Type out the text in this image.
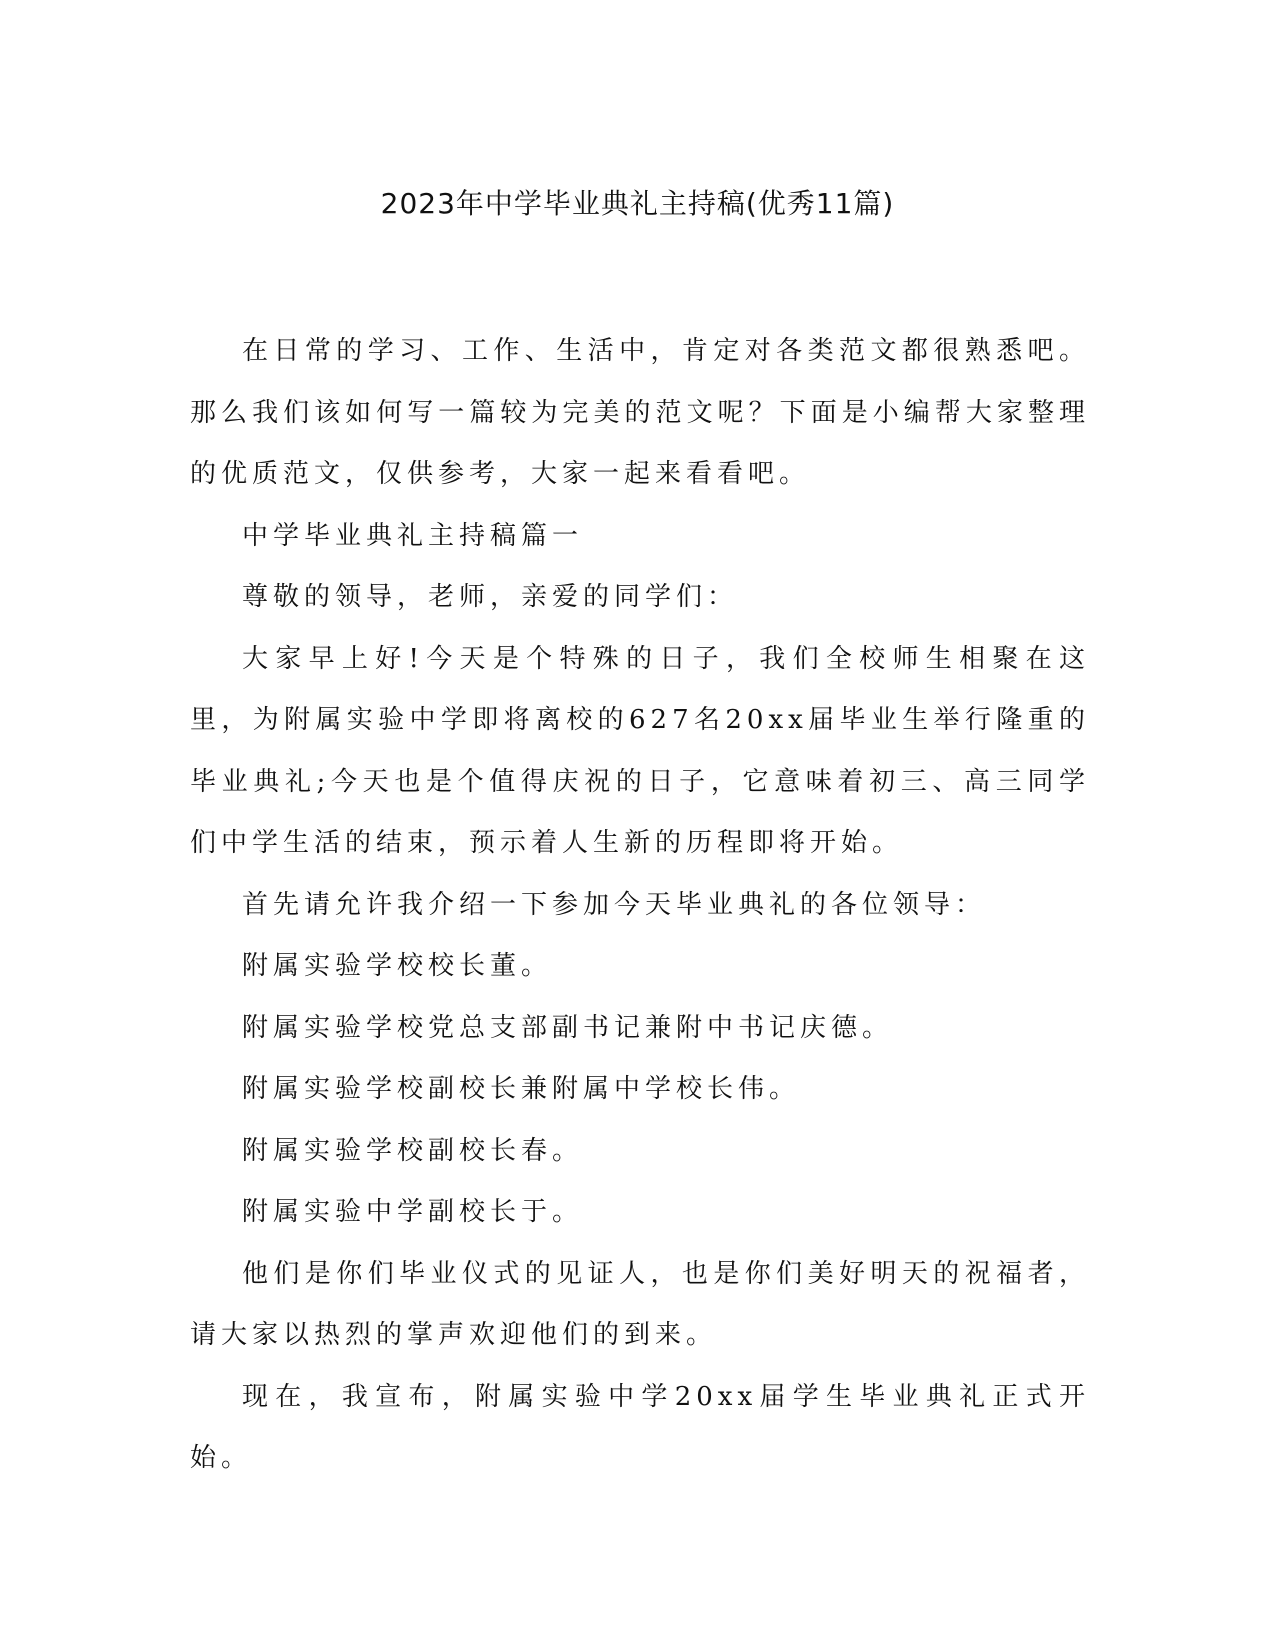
2023年中学毕业典礼主持稿(优秀11篇)

在日常的学习、工作、生活中，肯定对各类范文都很熟悉吧。那么我们该如何写一篇较为完美的范文呢？下面是小编帮大家整理的优质范文，仅供参考，大家一起来看看吧。

中学毕业典礼主持稿篇一

尊敬的领导，老师，亲爱的同学们：

大家早上好!今天是个特殊的日子，我们全校师生相聚在这里，为附属实验中学即将离校的627名20xx届毕业生举行隆重的毕业典礼;今天也是个值得庆祝的日子，它意味着初三、高三同学们中学生活的结束，预示着人生新的历程即将开始。

首先请允许我介绍一下参加今天毕业典礼的各位领导：

附属实验学校校长董。

附属实验学校党总支部副书记兼附中书记庆德。

附属实验学校副校长兼附属中学校长伟。

附属实验学校副校长春。

附属实验中学副校长于。

他们是你们毕业仪式的见证人，也是你们美好明天的祝福者，请大家以热烈的掌声欢迎他们的到来。

现在，我宣布，附属实验中学20xx届学生毕业典礼正式开始。
